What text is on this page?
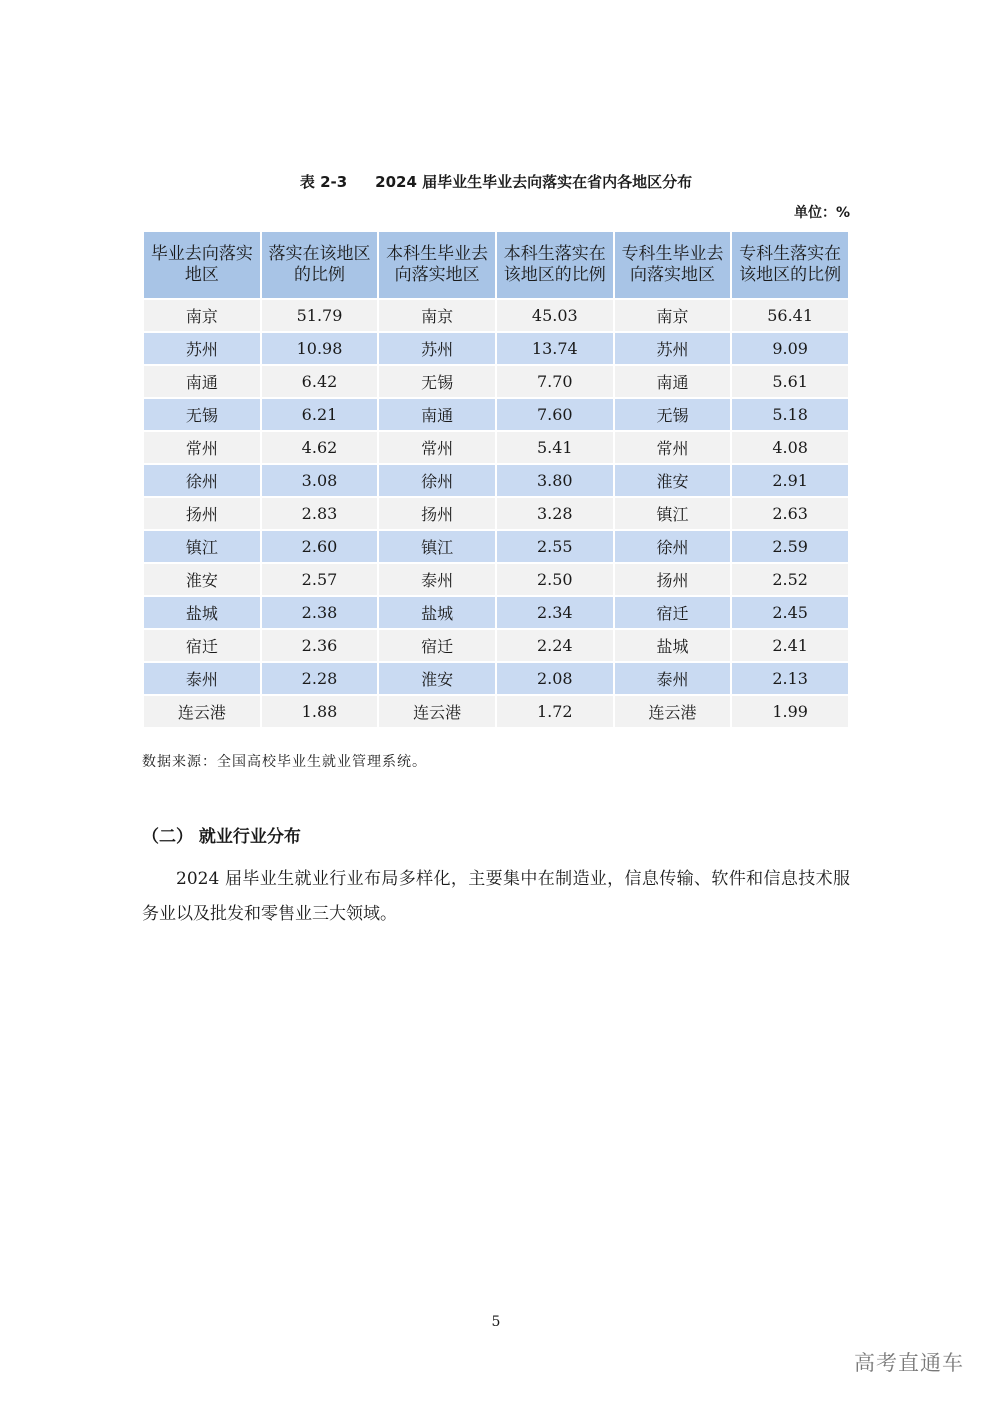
表 2-3 2024 届毕业生毕业去向落实在省内各地区分布
单位：%
毕业去向落实地区	落实在该地区的比例	本科生毕业去向落实地区	本科生落实在该地区的比例	专科生毕业去向落实地区	专科生落实在该地区的比例
南京	51.79	南京	45.03	南京	56.41
苏州	10.98	苏州	13.74	苏州	9.09
南通	6.42	无锡	7.70	南通	5.61
无锡	6.21	南通	7.60	无锡	5.18
常州	4.62	常州	5.41	常州	4.08
徐州	3.08	徐州	3.80	淮安	2.91
扬州	2.83	扬州	3.28	镇江	2.63
镇江	2.60	镇江	2.55	徐州	2.59
淮安	2.57	泰州	2.50	扬州	2.52
盐城	2.38	盐城	2.34	宿迁	2.45
宿迁	2.36	宿迁	2.24	盐城	2.41
泰州	2.28	淮安	2.08	泰州	2.13
连云港	1.88	连云港	1.72	连云港	1.99
数据来源：全国高校毕业生就业管理系统。
（二） 就业行业分布
2024 届毕业生就业行业布局多样化，主要集中在制造业，信息传输、软件和信息技术服务业以及批发和零售业三大领域。
5
高考直通车
